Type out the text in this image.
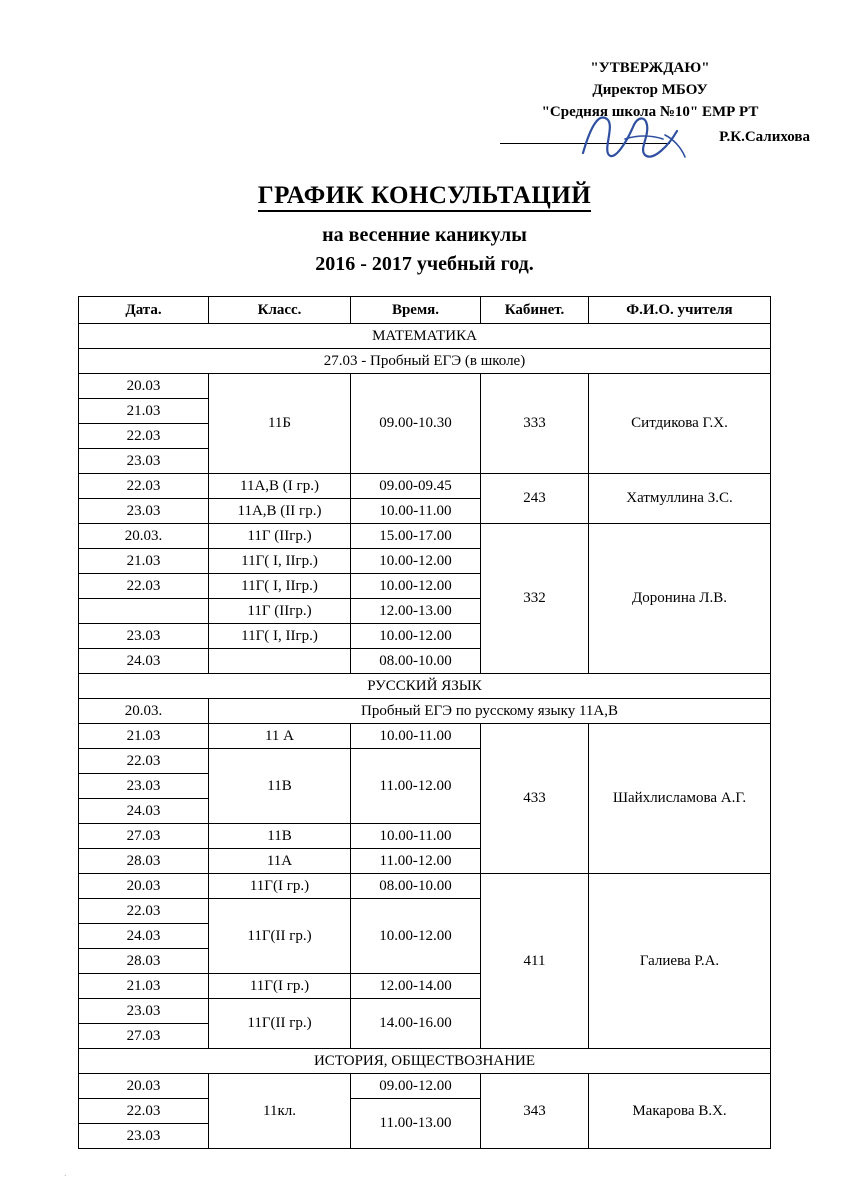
"УТВЕРЖДАЮ"
Директор МБОУ
"Средняя школа №10" ЕМР РТ
Р.К.Салихова
ГРАФИК КОНСУЛЬТАЦИЙ
на весенние каникулы
2016 - 2017 учебный год.
Дата.	Класс.	Время.	Кабинет.	Ф.И.О. учителя
МАТЕМАТИКА				
27.03 - Пробный ЕГЭ (в школе)				
20.03	11Б	09.00-10.30	333	Ситдикова Г.Х.
21.03				
22.03				
23.03				
22.03	11А,В (I гр.)	09.00-09.45	243	Хатмуллина З.С.
23.03	11А,В (II гр.)	10.00-11.00		
20.03.	11Г (IIгр.)	15.00-17.00	332	Доронина Л.В.
21.03	11Г( I, IIгр.)	10.00-12.00		
22.03	11Г( I, IIгр.)	10.00-12.00		
	11Г (IIгр.)	12.00-13.00		
23.03	11Г( I, IIгр.)	10.00-12.00		
24.03		08.00-10.00		
РУССКИЙ ЯЗЫК				
20.03.	Пробный ЕГЭ по русскому языку 11А,В			
21.03	11 А	10.00-11.00	433	Шайхлисламова А.Г.
22.03	11В	11.00-12.00		
23.03				
24.03				
27.03	11В	10.00-11.00		
28.03	11А	11.00-12.00		
20.03	11Г(I гр.)	08.00-10.00	411	Галиева Р.А.
22.03	11Г(II гр.)	10.00-12.00		
24.03				
28.03				
21.03	11Г(I гр.)	12.00-14.00		
23.03	11Г(II гр.)	14.00-16.00		
27.03				
ИСТОРИЯ, ОБЩЕСТВОЗНАНИЕ				
20.03	11кл.	09.00-12.00	343	Макарова В.Х.
22.03		11.00-13.00		
23.03				
.
